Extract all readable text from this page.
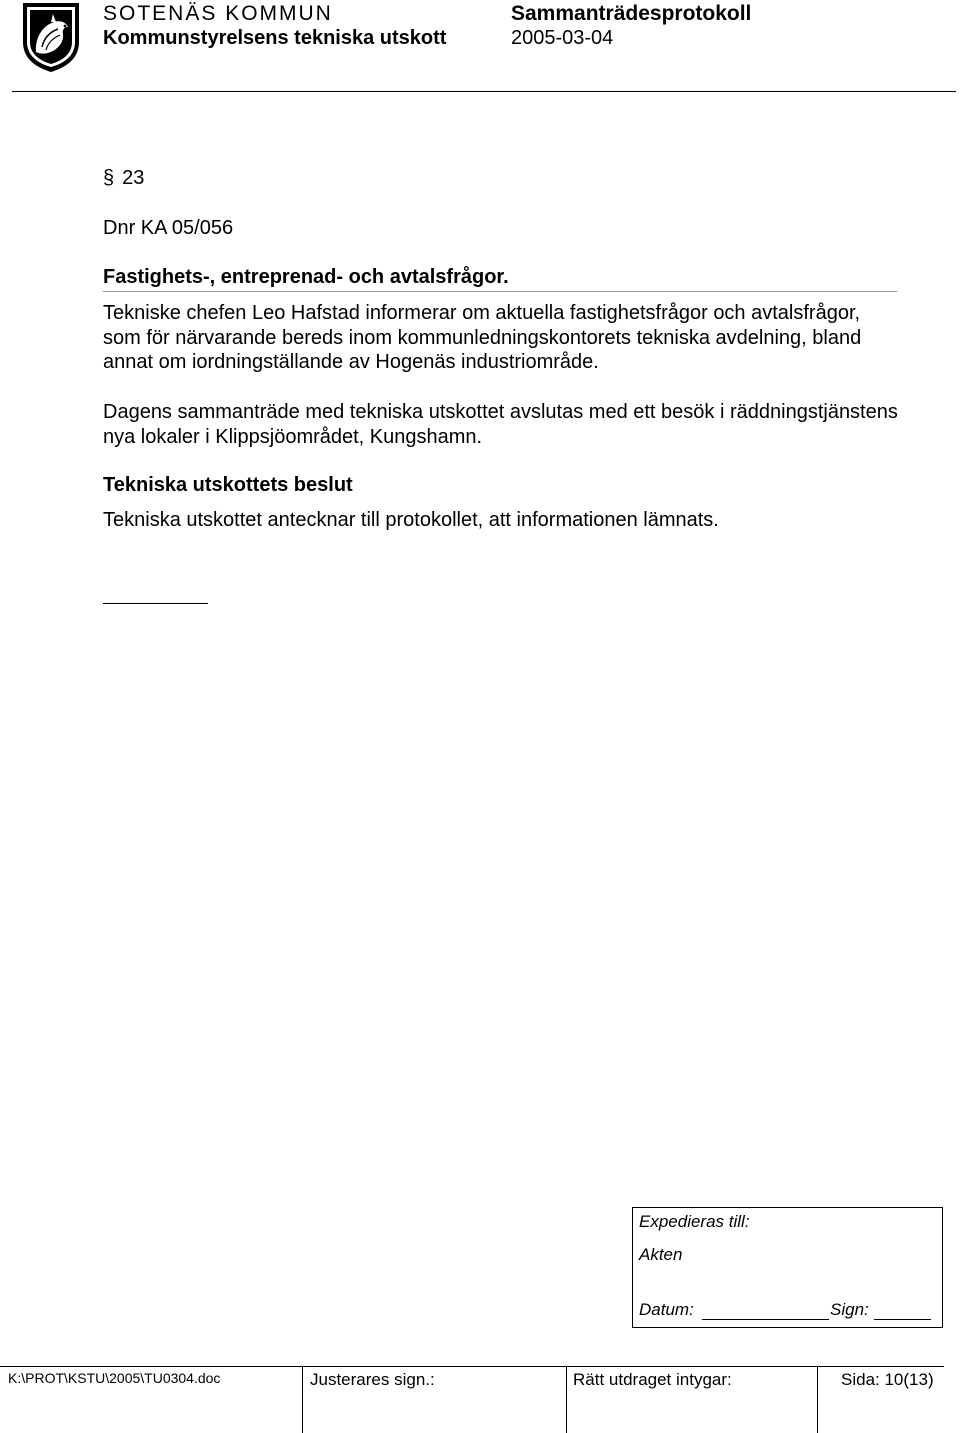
SOTENÄS KOMMUN
Kommunstyrelsens tekniska utskott
Sammanträdesprotokoll
2005-03-04
§ 23
Dnr KA 05/056
Fastighets-, entreprenad- och avtalsfrågor.
Tekniske chefen Leo Hafstad informerar om aktuella fastighetsfrågor och avtalsfrågor, som för närvarande bereds inom kommunledningskontorets tekniska avdelning, bland annat om iordningställande av Hogenäs industriområde.
Dagens sammanträde med tekniska utskottet avslutas med ett besök i räddningstjänstens nya lokaler i Klippsjöområdet, Kungshamn.
Tekniska utskottets beslut
Tekniska utskottet antecknar till protokollet, att informationen lämnats.
Expedieras till:
Akten
Datum:	Sign:
K:\PROT\KSTU\2005\TU0304.doc	Justerares sign.:	Rätt utdraget intygar:	Sida: 10(13)
